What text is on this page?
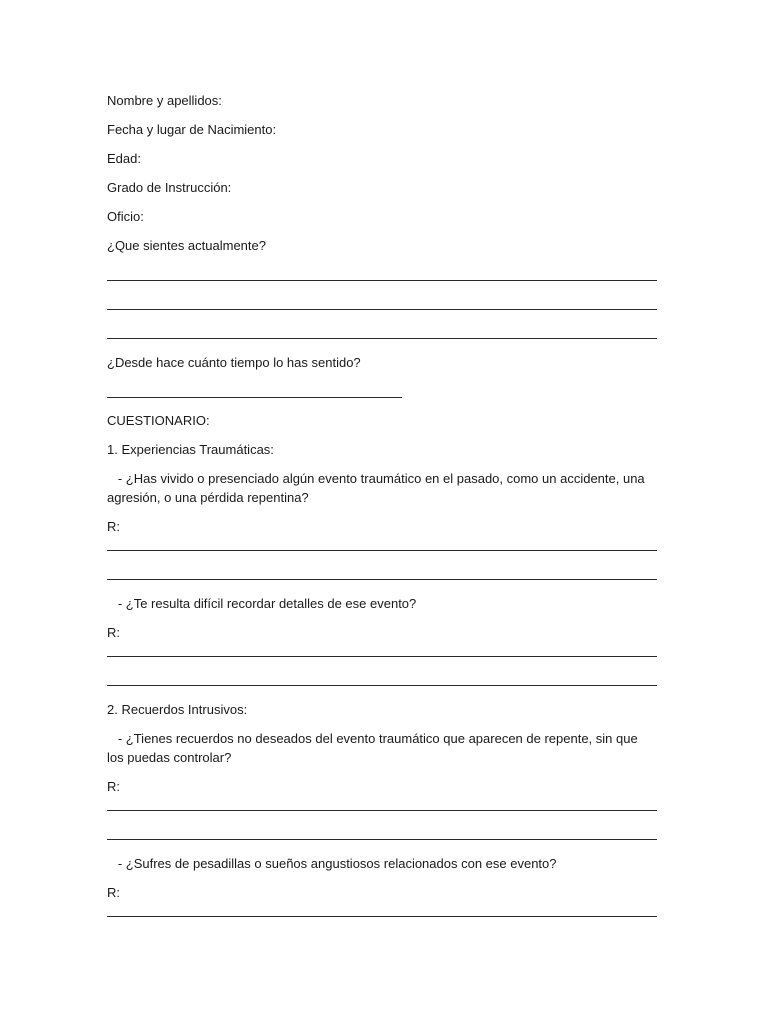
Nombre y apellidos:
Fecha y lugar de Nacimiento:
Edad:
Grado de Instrucción:
Oficio:
¿Que sientes actualmente?
¿Desde hace cuánto tiempo lo has sentido?
CUESTIONARIO:
1. Experiencias Traumáticas:
- ¿Has vivido o presenciado algún evento traumático en el pasado, como un accidente, una agresión, o una pérdida repentina?
R:
- ¿Te resulta difícil recordar detalles de ese evento?
R:
2. Recuerdos Intrusivos:
- ¿Tienes recuerdos no deseados del evento traumático que aparecen de repente, sin que los puedas controlar?
R:
- ¿Sufres de pesadillas o sueños angustiosos relacionados con ese evento?
R:
